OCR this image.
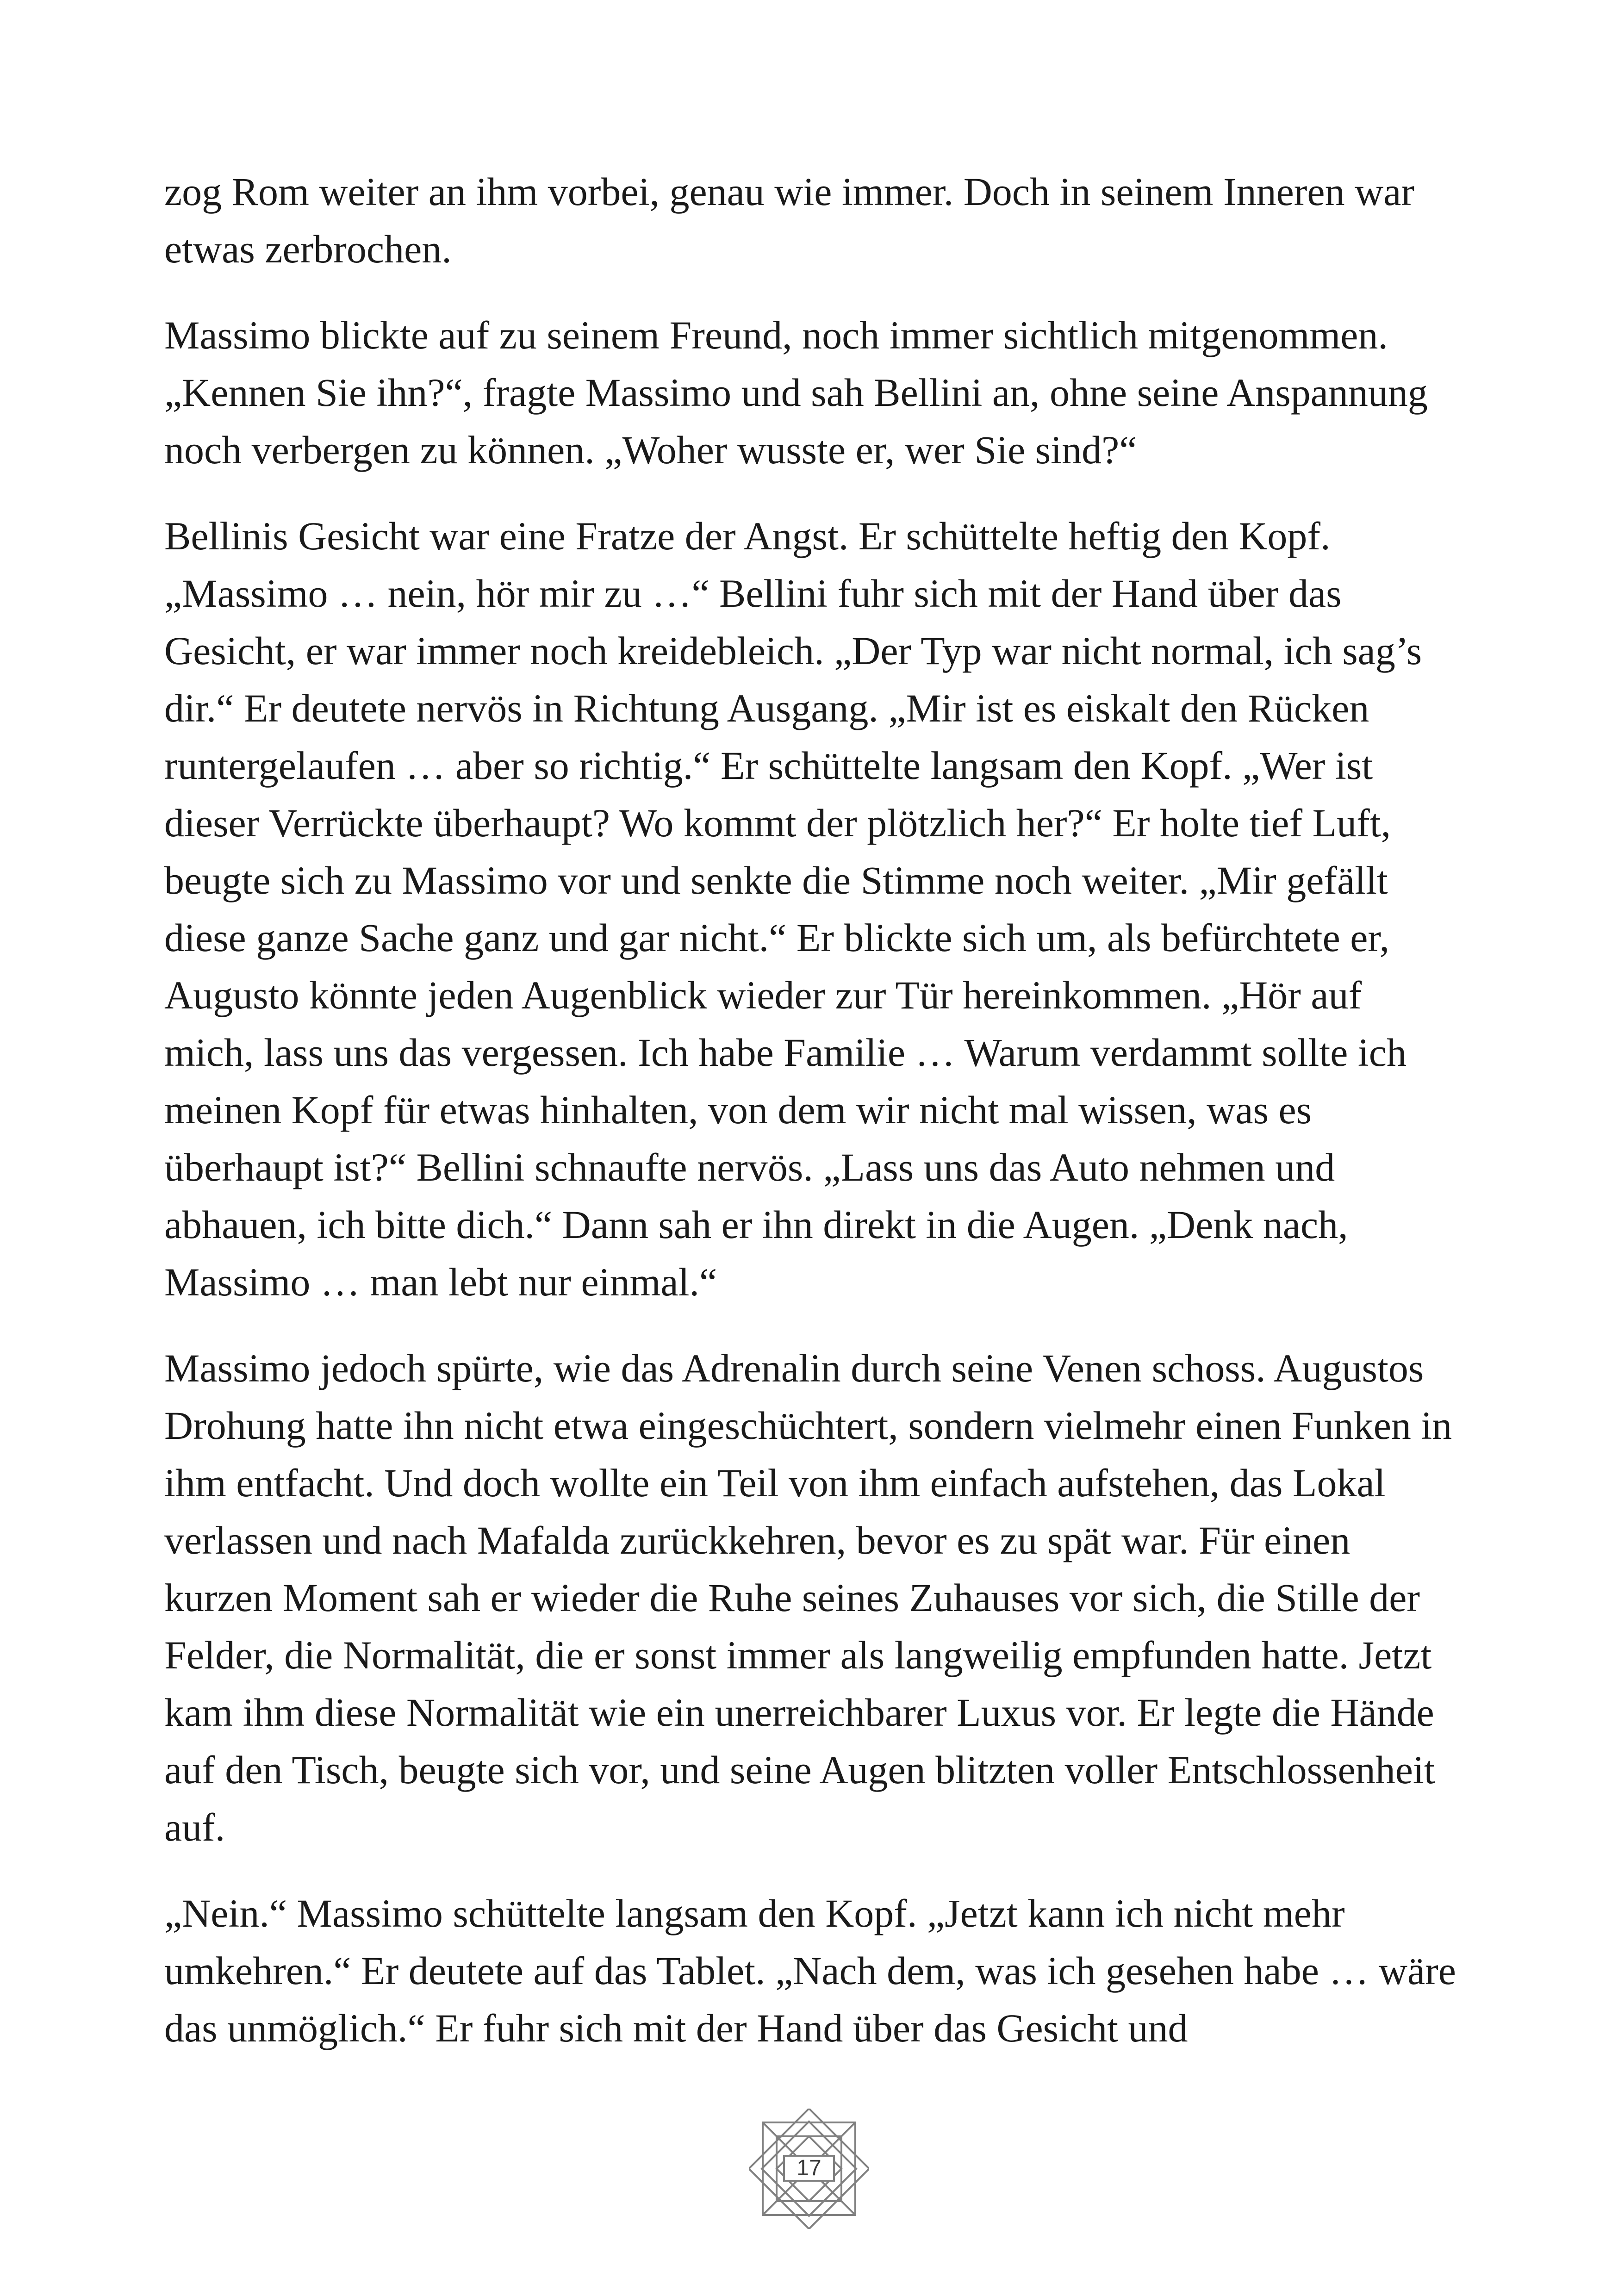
zog Rom weiter an ihm vorbei, genau wie immer. Doch in seinem Inneren war etwas zerbrochen.

Massimo blickte auf zu seinem Freund, noch immer sichtlich mitgenommen. „Kennen Sie ihn?“, fragte Massimo und sah Bellini an, ohne seine Anspannung noch verbergen zu können. „Woher wusste er, wer Sie sind?“

Bellinis Gesicht war eine Fratze der Angst. Er schüttelte heftig den Kopf. „Massimo … nein, hör mir zu …“ Bellini fuhr sich mit der Hand über das Gesicht, er war immer noch kreidebleich. „Der Typ war nicht normal, ich sag’s dir.“ Er deutete nervös in Richtung Ausgang. „Mir ist es eiskalt den Rücken runtergelaufen … aber so richtig.“ Er schüttelte langsam den Kopf. „Wer ist dieser Verrückte überhaupt? Wo kommt der plötzlich her?“ Er holte tief Luft, beugte sich zu Massimo vor und senkte die Stimme noch weiter. „Mir gefällt diese ganze Sache ganz und gar nicht.“ Er blickte sich um, als befürchtete er, Augusto könnte jeden Augenblick wieder zur Tür hereinkommen. „Hör auf mich, lass uns das vergessen. Ich habe Familie … Warum verdammt sollte ich meinen Kopf für etwas hinhalten, von dem wir nicht mal wissen, was es überhaupt ist?“ Bellini schnaufte nervös. „Lass uns das Auto nehmen und abhauen, ich bitte dich.“ Dann sah er ihn direkt in die Augen. „Denk nach, Massimo … man lebt nur einmal.“

Massimo jedoch spürte, wie das Adrenalin durch seine Venen schoss. Augustos Drohung hatte ihn nicht etwa eingeschüchtert, sondern vielmehr einen Funken in ihm entfacht. Und doch wollte ein Teil von ihm einfach aufstehen, das Lokal verlassen und nach Mafalda zurückkehren, bevor es zu spät war. Für einen kurzen Moment sah er wieder die Ruhe seines Zuhauses vor sich, die Stille der Felder, die Normalität, die er sonst immer als langweilig empfunden hatte. Jetzt kam ihm diese Normalität wie ein unerreichbarer Luxus vor. Er legte die Hände auf den Tisch, beugte sich vor, und seine Augen blitzten voller Entschlossenheit auf.

„Nein.“ Massimo schüttelte langsam den Kopf. „Jetzt kann ich nicht mehr umkehren.“ Er deutete auf das Tablet. „Nach dem, was ich gesehen habe … wäre das unmöglich.“ Er fuhr sich mit der Hand über das Gesicht und

17
